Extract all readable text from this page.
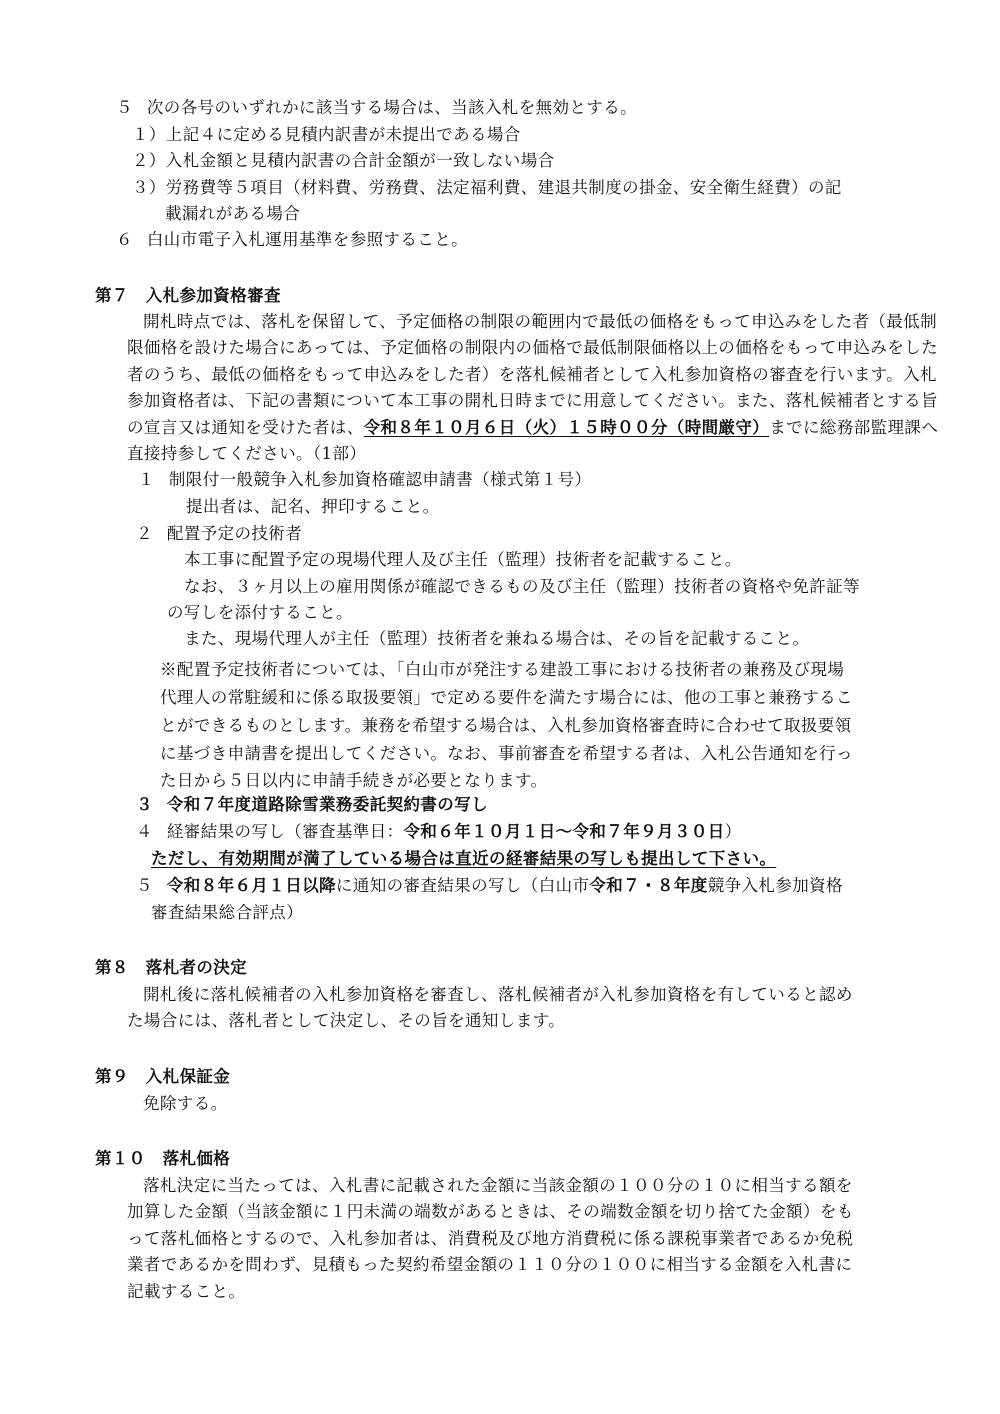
５ 次の各号のいずれかに該当する場合は、当該入札を無効とする。
１）上記４に定める見積内訳書が未提出である場合
２）入札金額と見積内訳書の合計金額が一致しない場合
３）労務費等５項目（材料費、労務費、法定福利費、建退共制度の掛金、安全衛生経費）の記
載漏れがある場合
６ 白山市電子入札運用基準を参照すること。
第７　入札参加資格審査
開札時点では、落札を保留して、予定価格の制限の範囲内で最低の価格をもって申込みをした者（最低制
限価格を設けた場合にあっては、予定価格の制限内の価格で最低制限価格以上の価格をもって申込みをした
者のうち、最低の価格をもって申込みをした者）を落札候補者として入札参加資格の審査を行います。入札
参加資格者は、下記の書類について本工事の開札日時までに用意してください。また、落札候補者とする旨
の宣言又は通知を受けた者は、令和８年１０月６日（火）１５時００分（時間厳守）までに総務部監理課へ
直接持参してください。（1部）
１ 制限付一般競争入札参加資格確認申請書（様式第１号）
提出者は、記名、押印すること。
２ 配置予定の技術者
本工事に配置予定の現場代理人及び主任（監理）技術者を記載すること。
なお、３ヶ月以上の雇用関係が確認できるもの及び主任（監理）技術者の資格や免許証等
の写しを添付すること。
また、現場代理人が主任（監理）技術者を兼ねる場合は、その旨を記載すること。
※配置予定技術者については、「白山市が発注する建設工事における技術者の兼務及び現場
代理人の常駐緩和に係る取扱要領」で定める要件を満たす場合には、他の工事と兼務するこ
とができるものとします。兼務を希望する場合は、入札参加資格審査時に合わせて取扱要領
に基づき申請書を提出してください。なお、事前審査を希望する者は、入札公告通知を行っ
た日から５日以内に申請手続きが必要となります。
３ 令和７年度道路除雪業務委託契約書の写し
４ 経審結果の写し（審査基準日：令和６年１０月１日～令和７年９月３０日）
ただし、有効期間が満了している場合は直近の経審結果の写しも提出して下さい。
５ 令和８年６月１日以降に通知の審査結果の写し（白山市令和７・８年度競争入札参加資格
審査結果総合評点）
第８　落札者の決定
開札後に落札候補者の入札参加資格を審査し、落札候補者が入札参加資格を有していると認め
た場合には、落札者として決定し、その旨を通知します。
第９　入札保証金
免除する。
第１０　落札価格
落札決定に当たっては、入札書に記載された金額に当該金額の１００分の１０に相当する額を
加算した金額（当該金額に１円未満の端数があるときは、その端数金額を切り捨てた金額）をも
って落札価格とするので、入札参加者は、消費税及び地方消費税に係る課税事業者であるか免税
業者であるかを問わず、見積もった契約希望金額の１１０分の１００に相当する金額を入札書に
記載すること。
